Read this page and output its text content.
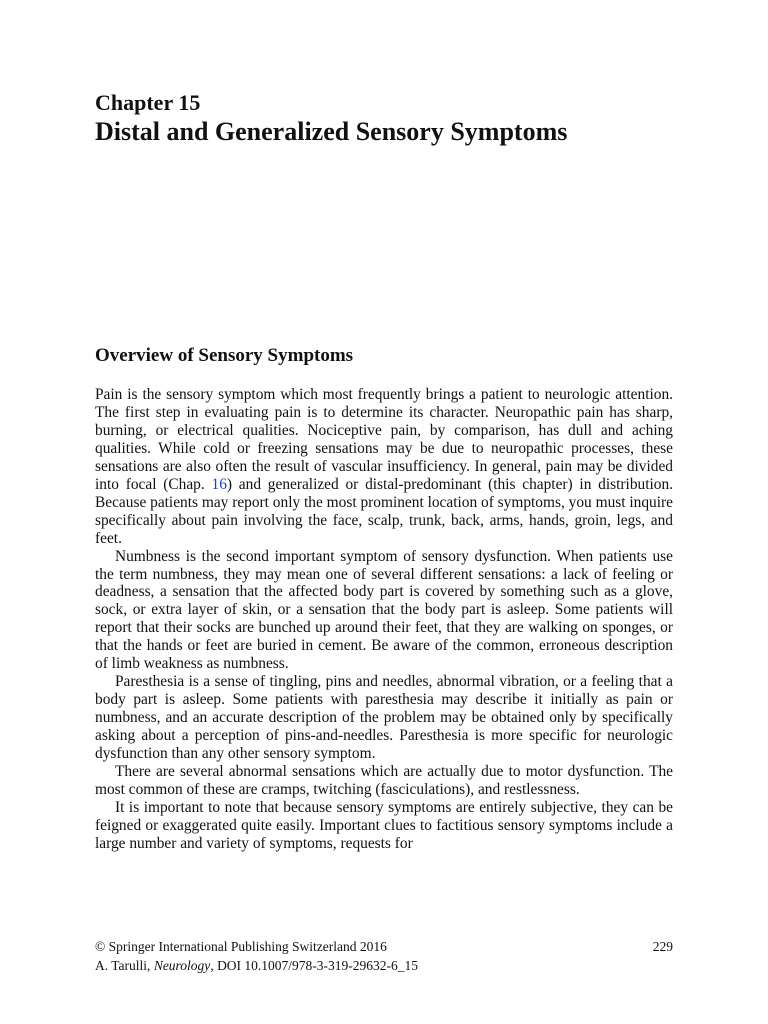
Chapter 15
Distal and Generalized Sensory Symptoms
Overview of Sensory Symptoms

Pain is the sensory symptom which most frequently brings a patient to neurologic attention. The first step in evaluating pain is to determine its character. Neuropathic pain has sharp, burning, or electrical qualities. Nociceptive pain, by comparison, has dull and aching qualities. While cold or freezing sensations may be due to neuropathic processes, these sensations are also often the result of vascular insufficiency. In general, pain may be divided into focal (Chap. 16) and generalized or distal-predominant (this chapter) in distribution. Because patients may report only the most prominent location of symptoms, you must inquire specifically about pain involving the face, scalp, trunk, back, arms, hands, groin, legs, and feet.

Numbness is the second important symptom of sensory dysfunction. When patients use the term numbness, they may mean one of several different sensations: a lack of feeling or deadness, a sensation that the affected body part is covered by something such as a glove, sock, or extra layer of skin, or a sensation that the body part is asleep. Some patients will report that their socks are bunched up around their feet, that they are walking on sponges, or that the hands or feet are buried in cement. Be aware of the common, erroneous description of limb weakness as numbness.

Paresthesia is a sense of tingling, pins and needles, abnormal vibration, or a feeling that a body part is asleep. Some patients with paresthesia may describe it initially as pain or numbness, and an accurate description of the problem may be obtained only by specifically asking about a perception of pins-and-needles. Paresthesia is more specific for neurologic dysfunction than any other sensory symptom.

There are several abnormal sensations which are actually due to motor dysfunction. The most common of these are cramps, twitching (fasciculations), and restlessness.

It is important to note that because sensory symptoms are entirely subjective, they can be feigned or exaggerated quite easily. Important clues to factitious sensory symptoms include a large number and variety of symptoms, requests for

© Springer International Publishing Switzerland 2016	229
A. Tarulli, Neurology, DOI 10.1007/978-3-319-29632-6_15
